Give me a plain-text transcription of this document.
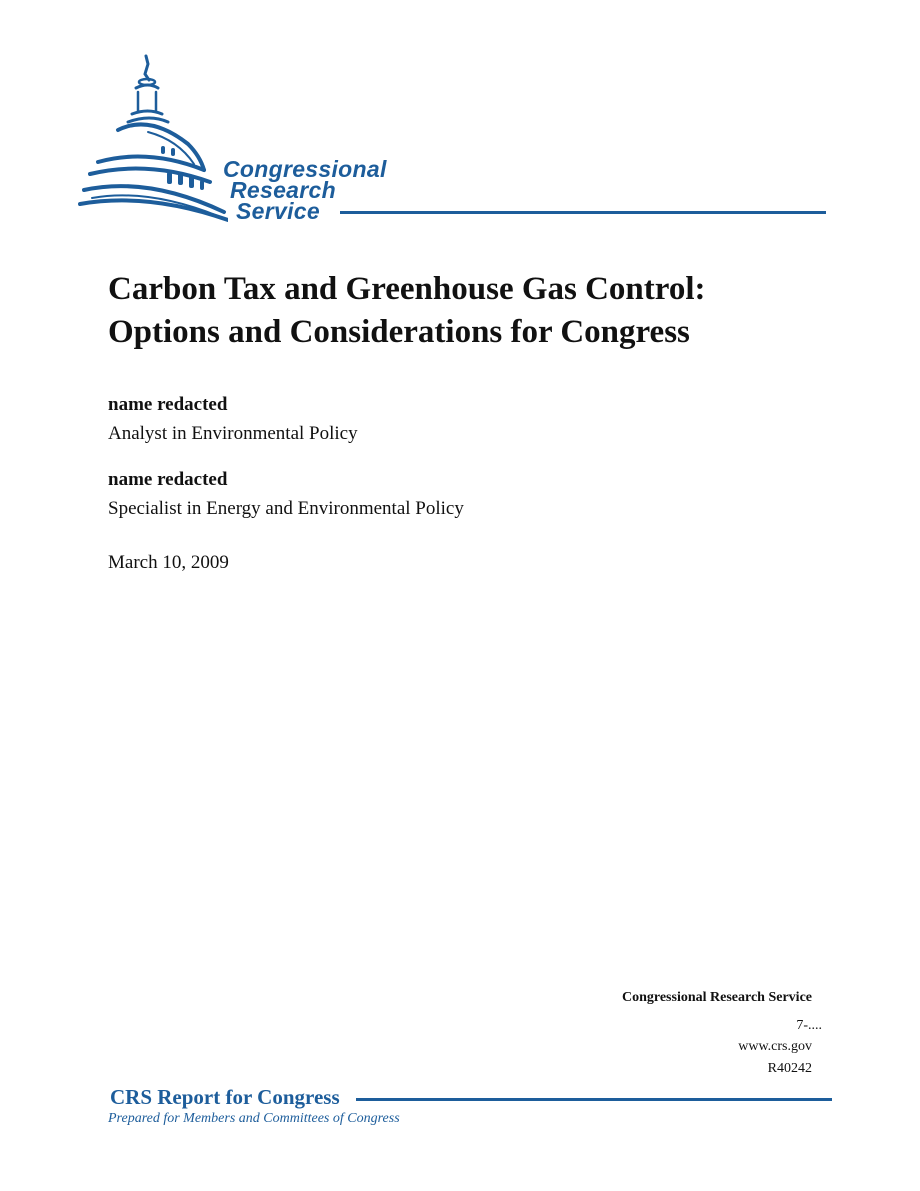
Congressional
Research
Service
Carbon Tax and Greenhouse Gas Control:
Options and Considerations for Congress
name redacted
Analyst in Environmental Policy
name redacted
Specialist in Energy and Environmental Policy
March 10, 2009
Congressional Research Service
7-....
www.crs.gov
R40242
CRS Report for Congress
Prepared for Members and Committees of Congress
